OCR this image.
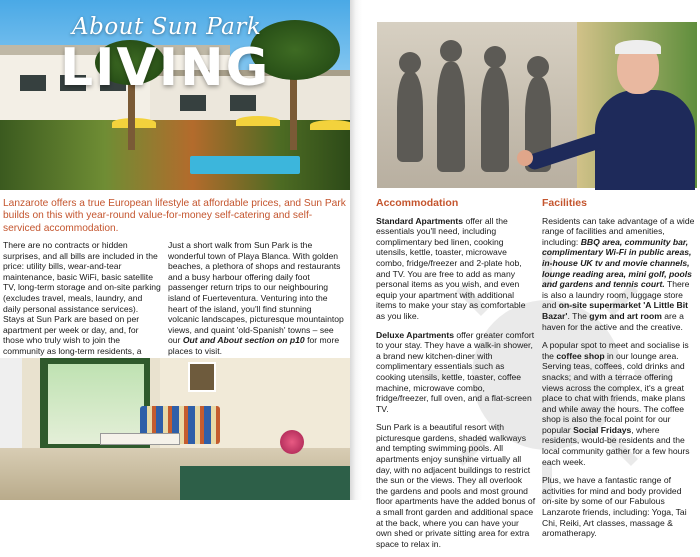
About Sun Park
LIVING

Lanzarote offers a true European lifestyle at affordable prices, and Sun Park builds on this with year-round value-for-money self-catering and self-serviced accommodation.

There are no contracts or hidden surprises, and all bills are included in the price: utility bills, wear-and-tear maintenance, basic WiFi, basic satellite TV, long-term storage and on-site parking (excludes travel, meals, laundry, and daily personal assistance services). Stays at Sun Park are based on per apartment per week or day, and, for those who truly wish to join the community as long-term residents, a

Just a short walk from Sun Park is the wonderful town of Playa Blanca. With golden beaches, a plethora of shops and restaurants and a busy harbour offering daily foot passenger return trips to our neighbouring island of Fuerteventura. Venturing into the heart of the island, you'll find stunning volcanic landscapes, picturesque mountaintop views, and quaint 'old-Spanish' towns – see our Out and About section on p10 for more places to visit.

Accommodation

Standard Apartments offer all the essentials you'll need, including complimentary bed linen, cooking utensils, kettle, toaster, microwave combo, fridge/freezer and 2-plate hob, and TV. You are free to add as many personal items as you wish, and even equip your apartment with additional items to make your stay as comfortable as you like.

Deluxe Apartments offer greater comfort to your stay. They have a walk-in shower, a brand new kitchen-diner with complimentary essentials such as cooking utensils, kettle, toaster, coffee machine, microwave combo, fridge/freezer, full oven, and a flat-screen TV.

Sun Park is a beautiful resort with picturesque gardens, shaded walkways and tempting swimming pools. All apartments enjoy sunshine virtually all day, with no adjacent buildings to restrict the sun or the views. They all overlook the gardens and pools and most ground floor apartments have the added bonus of a small front garden and additional space at the back, where you can have your own shed or private sitting area for extra space to relax in.

Facilities

Residents can take advantage of a wide range of facilities and amenities, including: BBQ area, community bar, complimentary Wi-Fi in public areas, in-house UK tv and movie channels, lounge reading area, mini golf, pools and gardens and tennis court. There is also a laundry room, luggage store and on-site supermarket 'A Little Bit Bazar'. The gym and art room are a haven for the active and the creative.

A popular spot to meet and socialise is the coffee shop in our lounge area. Serving teas, coffees, cold drinks and snacks; and with a terrace offering views across the complex, it's a great place to chat with friends, make plans and while away the hours. The coffee shop is also the focal point for our popular Social Fridays, where residents, would-be residents and the local community gather for a few hours each week.

Plus, we have a fantastic range of activities for mind and body provided on-site by some of our Fabulous Lanzarote friends, including: Yoga, Tai Chi, Reiki, Art classes, massage & aromatherapy.
